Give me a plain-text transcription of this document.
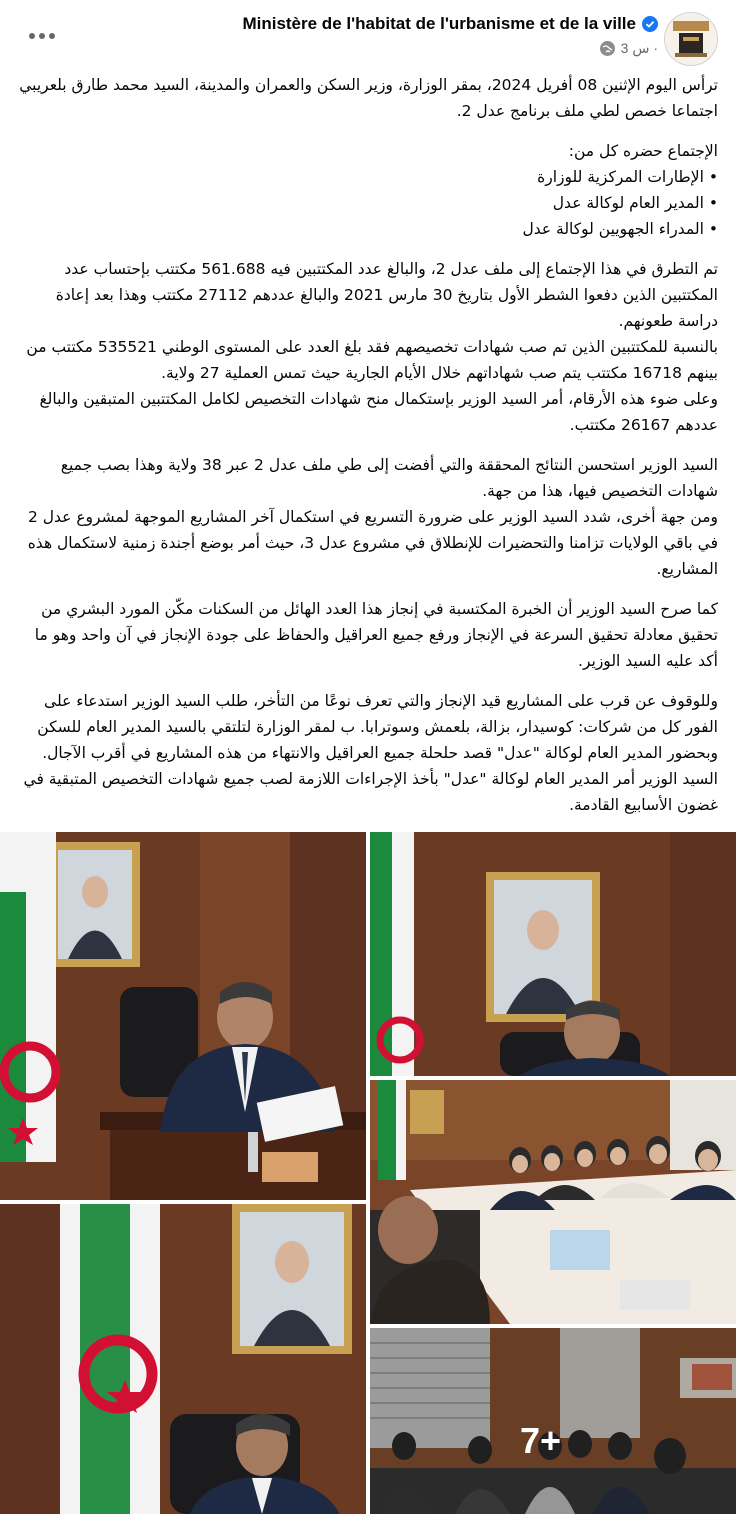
Ministère de l'habitat de l'urbanisme et de la ville
3 س ·

ترأس اليوم الإثنين 08 أفريل 2024، بمقر الوزارة، وزير السكن والعمران والمدينة، السيد محمد طارق بلعريبي اجتماعا خصص لطي ملف برنامج عدل 2.

الإجتماع حضره كل من:
• الإطارات المركزية للوزارة
• المدير العام لوكالة عدل
• المدراء الجهويين لوكالة عدل
تم التطرق في هذا الإجتماع إلى ملف عدل 2، والبالغ عدد المكتتبين فيه 561.688 مكتتب بإحتساب عدد المكتتبين الذين دفعوا الشطر الأول بتاريخ 30 مارس 2021 والبالغ عددهم 27112 مكتتب وهذا بعد إعادة دراسة طعونهم.
بالنسبة للمكتتبين الذين تم صب شهادات تخصيصهم فقد بلغ العدد على المستوى الوطني 535521 مكتتب من بينهم 16718 مكتتب يتم صب شهاداتهم خلال الأيام الجارية حيث تمس العملية 27 ولاية.

وعلى ضوء هذه الأرقام، أمر السيد الوزير بإستكمال منح شهادات التخصيص لكامل المكتتبين المتبقين والبالغ عددهم 26167 مكتتب.

السيد الوزير استحسن النتائج المحققة والتي أفضت إلى طي ملف عدل 2 عبر 38 ولاية وهذا بصب جميع شهادات التخصيص فيها، هذا من جهة.

ومن جهة أخرى، شدد السيد الوزير على ضرورة التسريع في استكمال آخر المشاريع الموجهة لمشروع عدل 2 في باقي الولايات تزامنا والتحضيرات للإنطلاق في مشروع عدل 3، حيث أمر بوضع أجندة زمنية لاستكمال هذه المشاريع.

كما صرح السيد الوزير أن الخبرة المكتسبة في إنجاز هذا العدد الهائل من السكنات مكّن المورد البشري من تحقيق معادلة تحقيق السرعة في الإنجاز ورفع جميع العراقيل والحفاظ على جودة الإنجاز في آن واحد وهو ما أكد عليه السيد الوزير.

وللوقوف عن قرب على المشاريع قيد الإنجاز والتي تعرف نوعًا من التأخر، طلب السيد الوزير استدعاء على الفور كل من شركات: كوسيدار، بزالة، بلعمش وسوترابا. ب لمقر الوزارة لتلتقي بالسيد المدير العام للسكن وبحضور المدير العام لوكالة "عدل" قصد حلحلة جميع العراقيل والانتهاء من هذه المشاريع في أقرب الآجال.
السيد الوزير أمر المدير العام لوكالة "عدل" بأخذ الإجراءات اللازمة لصب جميع شهادات التخصيص المتبقية في غضون الأسابيع القادمة.
7+
